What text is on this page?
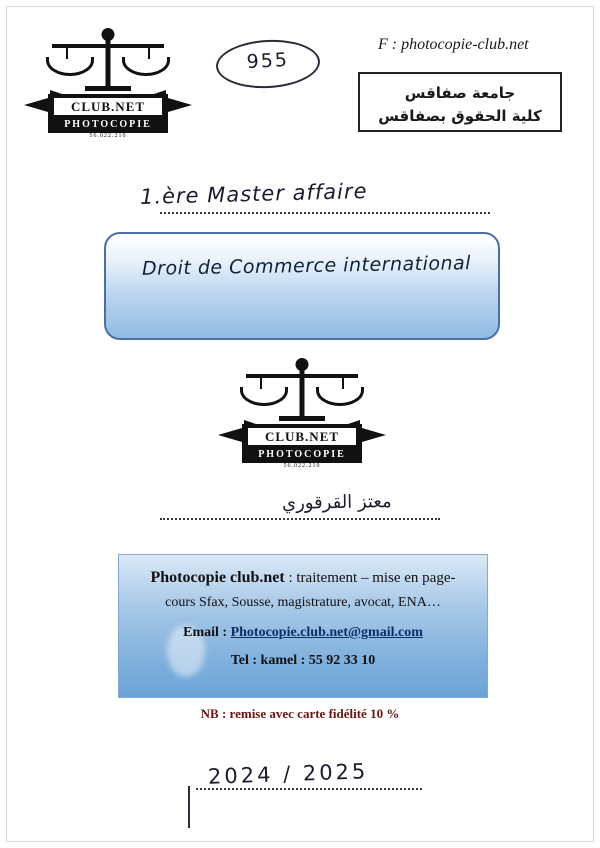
CLUB.NET
PHOTOCOPIE
56.022.210
955
F : photocopie-club.net
جامعة صفاقس
كلية الحقوق بصفاقس
1.ère Master affaire
Droit de Commerce international
CLUB.NET
PHOTOCOPIE
56.022.210
معتز القرقوري
Photocopie club.net : traitement – mise en page-
cours Sfax, Sousse, magistrature, avocat, ENA…
Email : Photocopie.club.net@gmail.com
Tel : kamel : 55 92 33 10
NB : remise avec carte fidélité 10 %
2024 / 2025
